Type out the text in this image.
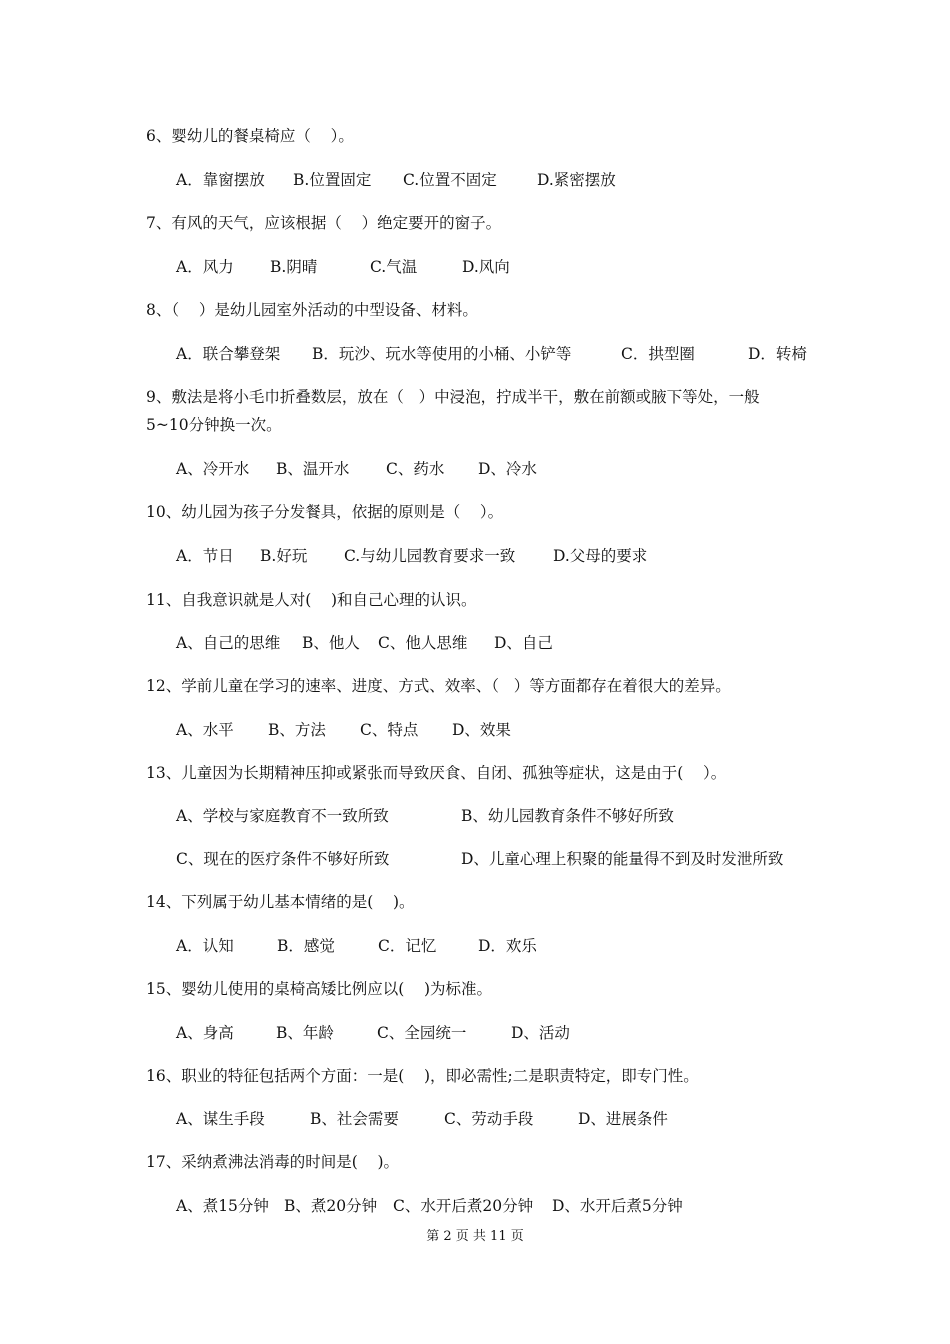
6、婴幼儿的餐桌椅应（    ）。

A．靠窗摆放

B.位置固定

C.位置不固定

	D.紧密摆放

7、有风的天气，应该根据（    ）绝定要开的窗子。

A．风力

B.阴晴

	C.气温

	D.风向

8、（    ）是幼儿园室外活动的中型设备、材料。

A．联合攀登架

B．玩沙、玩水等使用的小桶、小铲等

	C．拱型圈

	D．转椅

9、敷法是将小毛巾折叠数层，放在（   ）中浸泡，拧成半干，敷在前额或腋下等处，一般
5~10分钟换一次。

A、冷开水

B、温开水

C、药水

D、冷水

10、幼儿园为孩子分发餐具，依据的原则是（    ）。

A．节日

B.好玩

C.与幼儿园教育要求一致

D.父母的要求

11、自我意识就是人对(    )和自己心理的认识。

A、自己的思维

B、他人

C、他人思维

D、自己

12、学前儿童在学习的速率、进度、方式、效率、（   ）等方面都存在着很大的差异。

A、水平

B、方法

C、特点

D、效果

13、儿童因为长期精神压抑或紧张而导致厌食、自闭、孤独等症状，这是由于(    ）。

A、学校与家庭教育不一致所致

	B、幼儿园教育条件不够好所致

C、现在的医疗条件不够好所致

	D、儿童心理上积聚的能量得不到及时发泄所致

14、下列属于幼儿基本情绪的是(    )。

A．认知

	B．感觉

	C．记忆

	D．欢乐

15、婴幼儿使用的桌椅高矮比例应以(    )为标准。

A、身高

	B、年龄

	C、全园统一

	D、活动

16、职业的特征包括两个方面：一是(    )，即必需性;二是职责特定，即专门性。

A、谋生手段

	B、社会需要

	C、劳动手段

	D、进展条件

17、采纳煮沸法消毒的时间是(    )。

A、煮15分钟

B、煮20分钟

C、水开后煮20分钟

D、水开后煮5分钟

第 2 页 共 11 页
